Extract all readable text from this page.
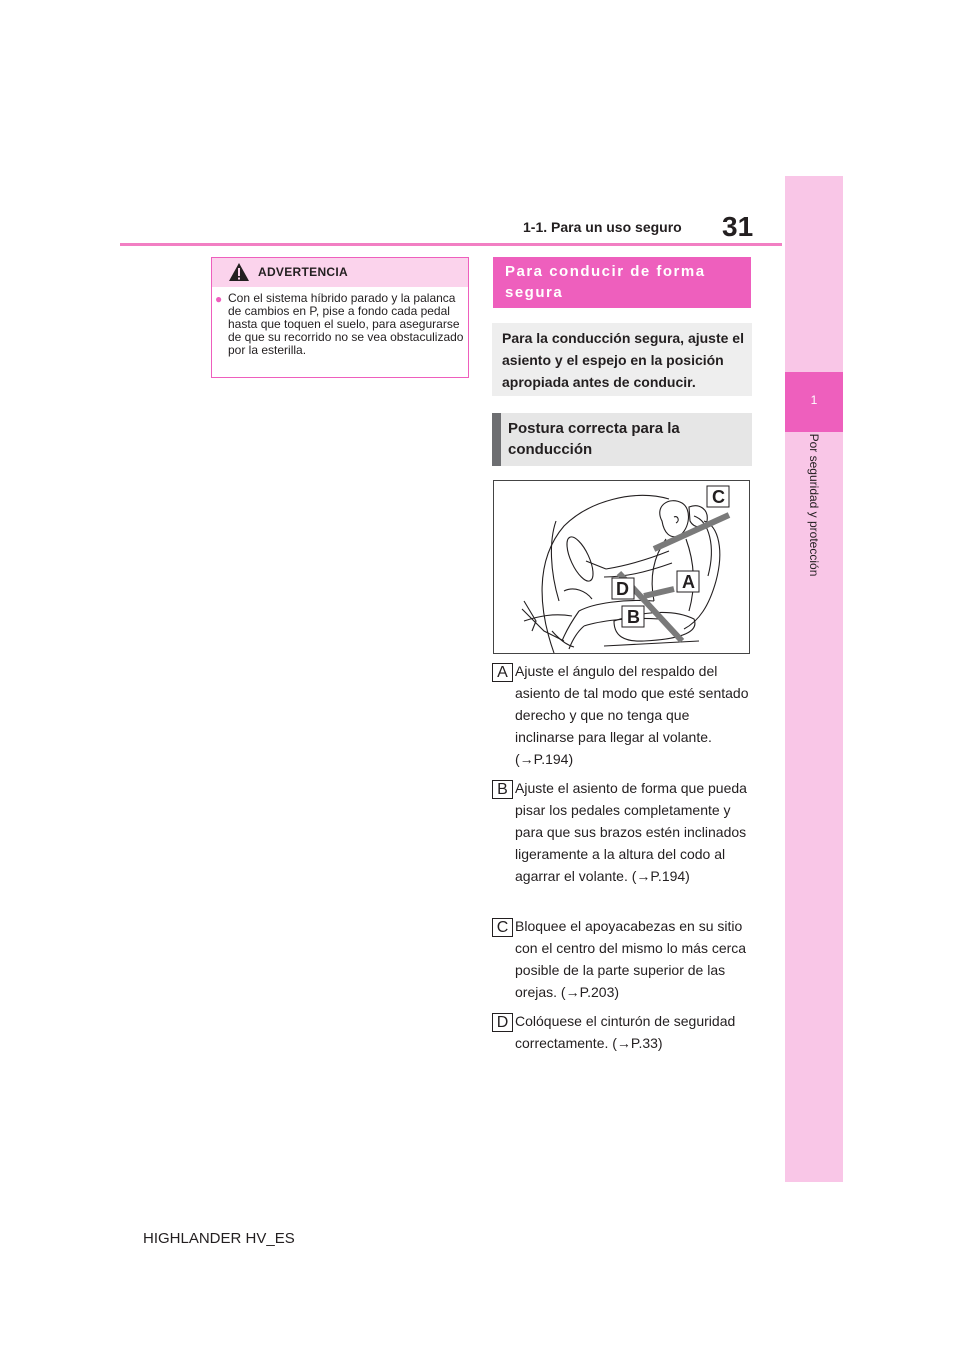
1-1. Para un uso seguro 31
1
Por seguridad y protección
ADVERTENCIA
● Con el sistema híbrido parado y la palanca de cambios en P, pise a fondo cada pedal hasta que toquen el suelo, para asegurarse de que su recorrido no se vea obstaculizado por la esterilla.
Para conducir de forma segura
Para la conducción segura, ajuste el asiento y el espejo en la posición apropiada antes de conducir.
Postura correcta para la conducción
C
A
D
B
A Ajuste el ángulo del respaldo del asiento de tal modo que esté sentado derecho y que no tenga que inclinarse para llegar al volante. (→P.194)
B Ajuste el asiento de forma que pueda pisar los pedales completamente y para que sus brazos estén inclinados ligeramente a la altura del codo al agarrar el volante. (→P.194)
C Bloquee el apoyacabezas en su sitio con el centro del mismo lo más cerca posible de la parte superior de las orejas. (→P.203)
D Colóquese el cinturón de seguridad correctamente. (→P.33)
HIGHLANDER HV_ES
